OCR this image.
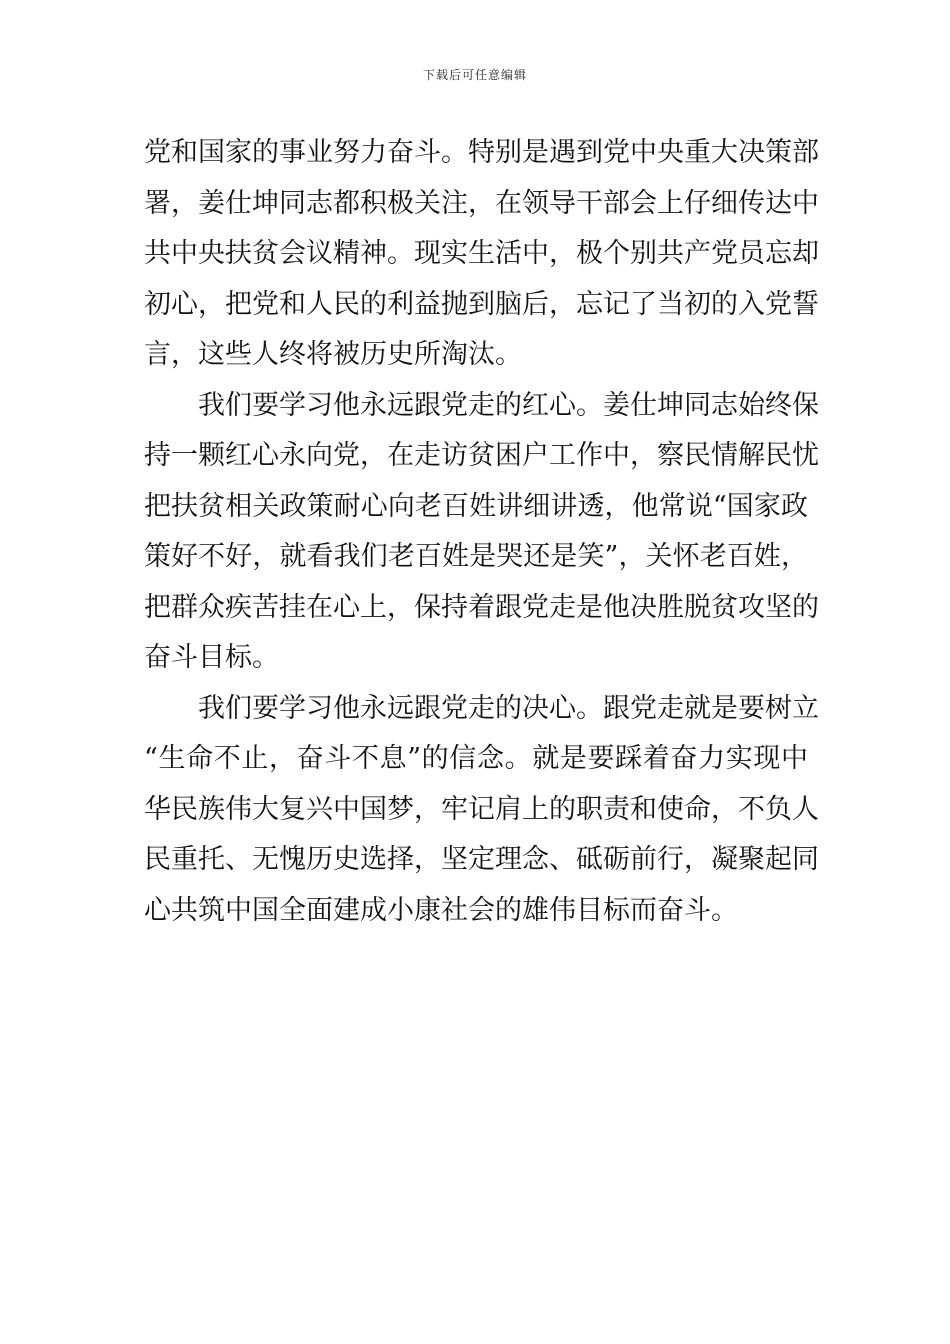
下载后可任意编辑
党和国家的事业努力奋斗。特别是遇到党中央重大决策部
署，姜仕坤同志都积极关注，在领导干部会上仔细传达中
共中央扶贫会议精神。现实生活中，极个别共产党员忘却
初心，把党和人民的利益抛到脑后，忘记了当初的入党誓
言，这些人终将被历史所淘汰。
我们要学习他永远跟党走的红心。姜仕坤同志始终保
持一颗红心永向党，在走访贫困户工作中，察民情解民忧
把扶贫相关政策耐心向老百姓讲细讲透，他常说“国家政
策好不好，就看我们老百姓是哭还是笑”，关怀老百姓，
把群众疾苦挂在心上，保持着跟党走是他决胜脱贫攻坚的
奋斗目标。
我们要学习他永远跟党走的决心。跟党走就是要树立
“生命不止，奋斗不息”的信念。就是要踩着奋力实现中
华民族伟大复兴中国梦，牢记肩上的职责和使命，不负人
民重托、无愧历史选择，坚定理念、砥砺前行，凝聚起同
心共筑中国全面建成小康社会的雄伟目标而奋斗。
